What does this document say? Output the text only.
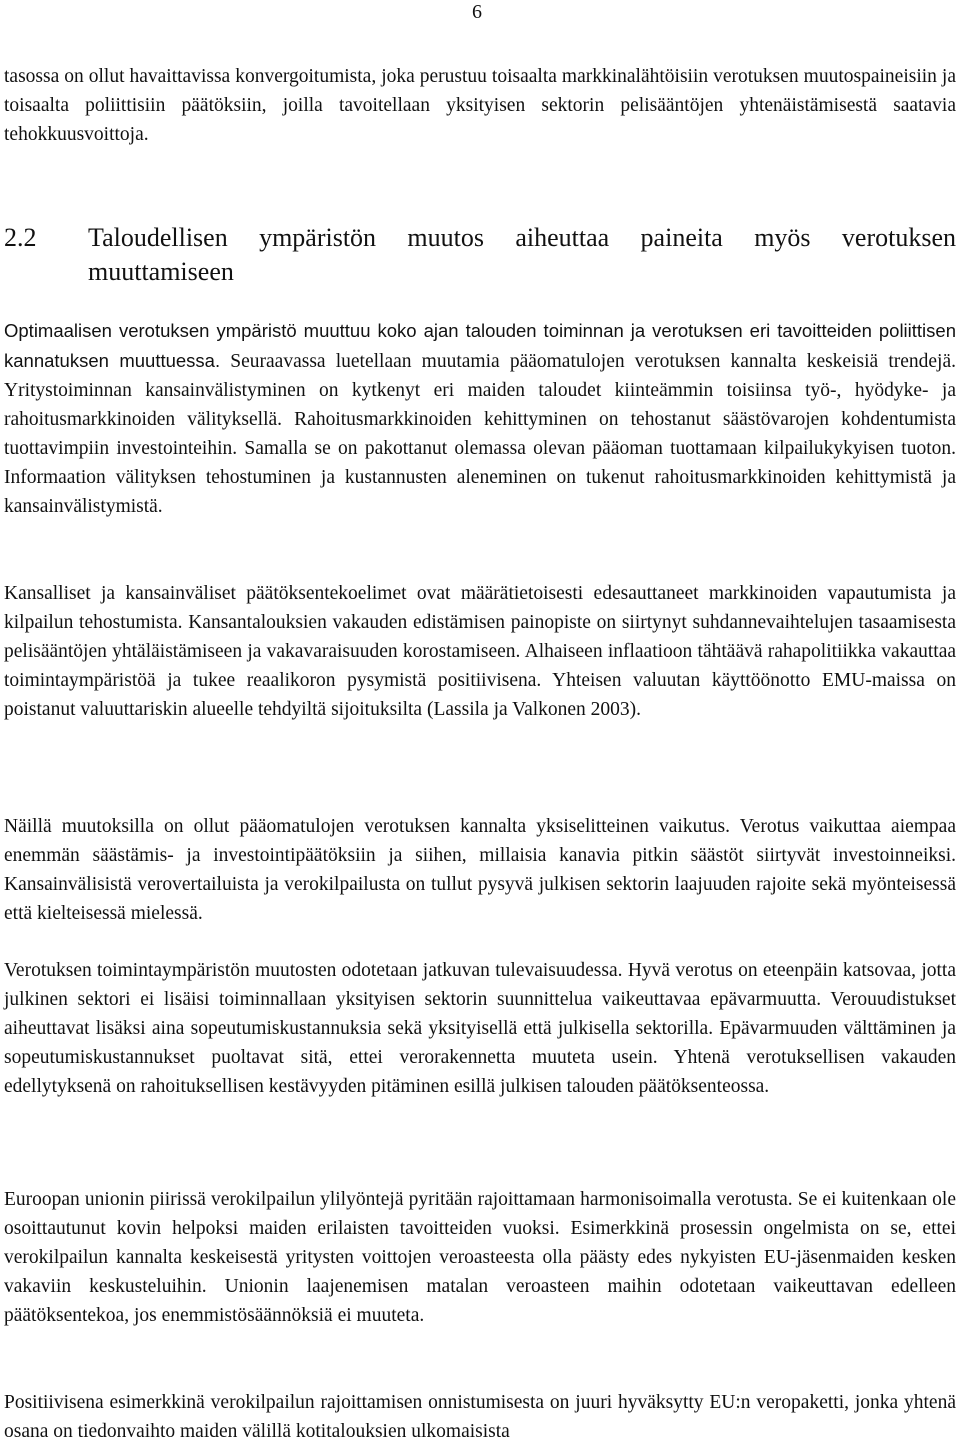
6
tasossa on ollut havaittavissa konvergoitumista, joka perustuu toisaalta markkinalähtöisiin verotuksen muutospaineisiin ja toisaalta poliittisiin päätöksiin, joilla tavoitellaan yksityisen sektorin pelisääntöjen yhtenäistämisestä saatavia tehokkuusvoittoja.
2.2	Taloudellisen ympäristön muutos aiheuttaa paineita myös verotuksen
muuttamiseen
Optimaalisen verotuksen ympäristö muuttuu koko ajan talouden toiminnan ja verotuksen eri tavoitteiden poliittisen kannatuksen muuttuessa. Seuraavassa luetellaan muutamia pääomatulojen verotuksen kannalta keskeisiä trendejä. Yritystoiminnan kansainvälistyminen on kytkenyt eri maiden taloudet kiinteämmin toisiinsa työ-, hyödyke- ja rahoitusmarkkinoiden välityksellä. Rahoitusmarkkinoiden kehittyminen on tehostanut säästövarojen kohdentumista tuottavimpiin investointeihin. Samalla se on pakottanut olemassa olevan pääoman tuottamaan kilpailukykyisen tuoton. Informaation välityksen tehostuminen ja kustannusten aleneminen on tukenut rahoitusmarkkinoiden kehittymistä ja kansainvälistymistä.
Kansalliset ja kansainväliset päätöksentekoelimet ovat määrätietoisesti edesauttaneet markkinoiden vapautumista ja kilpailun tehostumista. Kansantalouksien vakauden edistämisen painopiste on siirtynyt suhdannevaihtelujen tasaamisesta pelisääntöjen yhtäläistämiseen ja vakavaraisuuden korostamiseen. Alhaiseen inflaatioon tähtäävä rahapolitiikka vakauttaa toimintaympäristöä ja tukee reaalikoron pysymistä positiivisena. Yhteisen valuutan käyttöönotto EMU-maissa on poistanut valuuttariskin alueelle tehdyiltä sijoituksilta (Lassila ja Valkonen 2003).
Näillä muutoksilla on ollut pääomatulojen verotuksen kannalta yksiselitteinen vaikutus. Verotus vaikuttaa aiempaa enemmän säästämis- ja investointipäätöksiin ja siihen, millaisia kanavia pitkin säästöt siirtyvät investoinneiksi. Kansainvälisistä verovertailuista ja verokilpailusta on tullut pysyvä julkisen sektorin laajuuden rajoite sekä myönteisessä että kielteisessä mielessä.
Verotuksen toimintaympäristön muutosten odotetaan jatkuvan tulevaisuudessa. Hyvä verotus on eteenpäin katsovaa, jotta julkinen sektori ei lisäisi toiminnallaan yksityisen sektorin suunnittelua vaikeuttavaa epävarmuutta. Verouudistukset aiheuttavat lisäksi aina sopeutumiskustannuksia sekä yksityisellä että julkisella sektorilla. Epävarmuuden välttäminen ja sopeutumiskustannukset puoltavat sitä, ettei verorakennetta muuteta usein. Yhtenä verotuksellisen vakauden edellytyksenä on rahoituksellisen kestävyyden pitäminen esillä julkisen talouden päätöksenteossa.
Euroopan unionin piirissä verokilpailun ylilyöntejä pyritään rajoittamaan harmonisoimalla verotusta. Se ei kuitenkaan ole osoittautunut kovin helpoksi maiden erilaisten tavoitteiden vuoksi. Esimerkkinä prosessin ongelmista on se, ettei verokilpailun kannalta keskeisestä yritysten voittojen veroasteesta olla päästy edes nykyisten EU-jäsenmaiden kesken vakaviin keskusteluihin. Unionin laajenemisen matalan veroasteen maihin odotetaan vaikeuttavan edelleen päätöksentekoa, jos enemmistösäännöksiä ei muuteta.
Positiivisena esimerkkinä verokilpailun rajoittamisen onnistumisesta on juuri hyväksytty EU:n veropaketti, jonka yhtenä osana on tiedonvaihto maiden välillä kotitalouksien ulkomaisista
